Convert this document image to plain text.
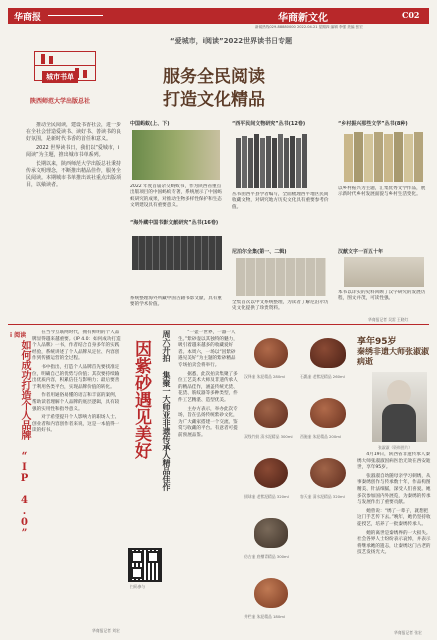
华商报	华商新文化	C02
新闻热线029-88880000 2022.04.21 星期四 编辑 李强 美编 张宏
“爱城市，i阅读”2022世界读书日专题
服务全民阅读
打造文化精品
城市书单
陕西师范大学出版总社

推动全民阅读，建设书香社会，进一步在全社会营造爱读书、读好书、善读书的良好氛围，是新时代书香的首任和意义。

2022 世界读书日，我们以“爱城市，i阅读”为主题，推出城市书单系列。

长期以来，陕西师范大学出版总社秉持传承文明理念，不断推出精品佳作，服务全民阅读。本期城市书单推出该社重点出版项目，以飨读者。

中国蚂蚁(上、下)
2022 年度首届杂交蚂蚁书，作为陕西省重点出版项目的中国蚂蚁专著，系统展示了中国蚂蚁研究的成果，对推动生物多样性保护和生态文明建设具有重要意义。
“西平民间文物研究”丛书(12卷)
丛书由西平县学者编写，全面梳理西平地区民间收藏文物，对研究地方历史文化具有重要参考价值。
“乡村振兴那些文学”丛书(8种)
以乡村振兴为主题，汇集优秀文学作品，展示新时代乡村发展面貌与乡村生活变化。
“海外藏中国书影文献研究”丛书(16卷)
系统整理海外所藏中国古籍书影文献，具有重要的学术价值。
尼泊尔全集(第一、二辑)
全集首次以中文系统整理，为读者了解尼泊尔历史文化提供了珍贵资料。
汉献文字一百五十年
本书以详实的史料回顾了汉字研究的发展历程，图文并茂，可读性强。
华商报记者 吴雷 王晓红
i 阅读
如何成功打造个人品牌 “IP 4.0”

在当今互联网时代，拥有鲜明的个人品牌显得越来越重要。《IP 4.0：如何成功打造个人品牌》一书，作者结合自身多年的实践经验，系统讲述了个人品牌从定位、内容创作到传播运营的全过程。

书中指出，打造个人品牌首先要找准定位，明确自己的优势与价值；其次要持续输出优质内容，积累信任与影响力；最后要善于利用各类平台，实现品牌价值的转化。

作者用通俗易懂的语言和丰富的案例，帮助读者理解个人品牌的底层逻辑，具有较强的实用性和指导意义。

对于希望提升个人影响力的职场人士、创业者和内容创作者来说，这是一本值得一读的好书。

华商报记者 刘宏
周六开拍 集聚一大师亚非遗传承人精品佳作
因紫砂遇见美好

“一壶一世界，一器一人生。”紫砂壶以其独特的魅力，吸引着越来越多的收藏爱好者。本周六，一场以“因紫砂遇见美好”为主题的紫砂精品专场拍卖会将举行。

据悉，此次拍卖集聚了多位工艺美术大师及非遗传承人的精品佳作，涵盖传统光货、花货、筋纹器等多种类型，件件工艺精湛、造型优美。

主办方表示，举办此次专场，旨在弘扬传统紫砂文化，为广大藏家搭建一个交流、鉴赏与收藏的平台。有意者可提前预展品鉴。

扫码参与
汉铎壶 朱泥精品 280ml
双线竹鼓 清水泥精品 300ml
掇球壶 老紫泥精品 320ml
仿古壶 底槽青精品 300ml
井栏壶 朱泥精品 180ml
石瓢壶 老紫泥精品 260ml
西施壶 朱泥精品 200ml
容天壶 清水泥精品 320ml
享年95岁
秦绣非遗大师张淑淑病逝
张淑淑（资料图片）

4月19日，陕西省非遗传承人秦绣大师张淑淑因病医治无效在西安逝世，享年95岁。

张淑淑自幼随母亲学习刺绣，从事秦绣创作与传承数十年，作品构图精美、针法细腻，深受人们喜爱。她多次参加国内外展览，为秦绣的传承与发展作出了重要贡献。

她曾说：“绣了一辈子，就想把这门手艺传下去。”晚年，她仍坚持收徒授艺，培养了一批秦绣传承人。

她的离世是秦绣界的一大损失。社会各界人士纷纷表示哀悼，并表示将继承她的遗志，让秦绣这门古老的技艺发扬光大。

华商报记者 张宏
